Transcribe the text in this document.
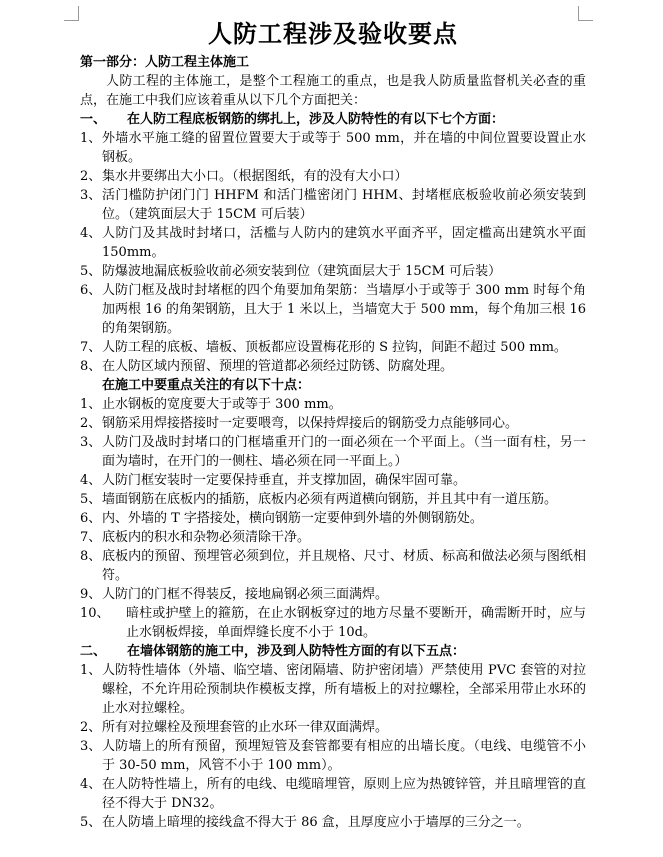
人防工程涉及验收要点
第一部分：人防工程主体施工
人防工程的主体施工，是整个工程施工的重点，也是我人防质量监督机关必查的重点，在施工中我们应该着重从以下几个方面把关：
一、 在人防工程底板钢筋的绑扎上，涉及人防特性的有以下七个方面：
1、 外墙水平施工缝的留置位置要大于或等于 500 mm，并在墙的中间位置要设置止水钢板。
2、 集水井要绑出大小口。（根据图纸，有的没有大小口）
3、 活门槛防护闭门门 HHFM 和活门槛密闭门 HHM、封堵框底板验收前必须安装到位。（建筑面层大于 15CM 可后装）
4、 人防门及其战时封堵口，活槛与人防内的建筑水平面齐平，固定槛高出建筑水平面 150mm。
5、 防爆波地漏底板验收前必须安装到位（建筑面层大于 15CM 可后装）
6、 人防门框及战时封堵框的四个角要加角架筋：当墙厚小于或等于 300 mm 时每个角加两根 16 的角架钢筋，且大于 1 米以上，当墙宽大于 500 mm，每个角加三根 16 的角架钢筋。
7、 人防工程的底板、墙板、顶板都应设置梅花形的 S 拉钩，间距不超过 500 mm。
8、 在人防区域内预留、预埋的管道都必须经过防锈、防腐处理。
在施工中要重点关注的有以下十点：
1、 止水钢板的宽度要大于或等于 300 mm。
2、 钢筋采用焊接搭接时一定要喂弯，以保持焊接后的钢筋受力点能够同心。
3、 人防门及战时封堵口的门框墙重开门的一面必须在一个平面上。（当一面有柱，另一面为墙时，在开门的一侧柱、墙必须在同一平面上。）
4、 人防门框安装时一定要保持垂直，并支撑加固，确保牢固可靠。
5、 墙面钢筋在底板内的插筋，底板内必须有两道横向钢筋，并且其中有一道压筋。
6、 内、外墙的 T 字搭接处，横向钢筋一定要伸到外墙的外侧钢筋处。
7、 底板内的积水和杂物必须清除干净。
8、 底板内的预留、预埋管必须到位，并且规格、尺寸、材质、标高和做法必须与图纸相符。
9、 人防门的门框不得装反，接地扁钢必须三面满焊。
10、	暗柱或护壁上的箍筋，在止水钢板穿过的地方尽量不要断开，确需断开时，应与止水钢板焊接，单面焊缝长度不小于 10d。
二、 在墙体钢筋的施工中，涉及到人防特性方面的有以下五点：
1、 人防特性墙体（外墙、临空墙、密闭隔墙、防护密闭墙）严禁使用 PVC 套管的对拉螺栓，不允许用砼预制块作模板支撑，所有墙板上的对拉螺栓，全部采用带止水环的止水对拉螺栓。
2、 所有对拉螺栓及预埋套管的止水环一律双面满焊。
3、 人防墙上的所有预留，预埋短管及套管都要有相应的出墙长度。（电线、电缆管不小于 30-50 mm，风管不小于 100 mm）。
4、 在人防特性墙上，所有的电线、电缆暗埋管，原则上应为热镀锌管，并且暗埋管的直径不得大于 DN32。
5、 在人防墙上暗埋的接线盒不得大于 86 盒，且厚度应小于墙厚的三分之一。
